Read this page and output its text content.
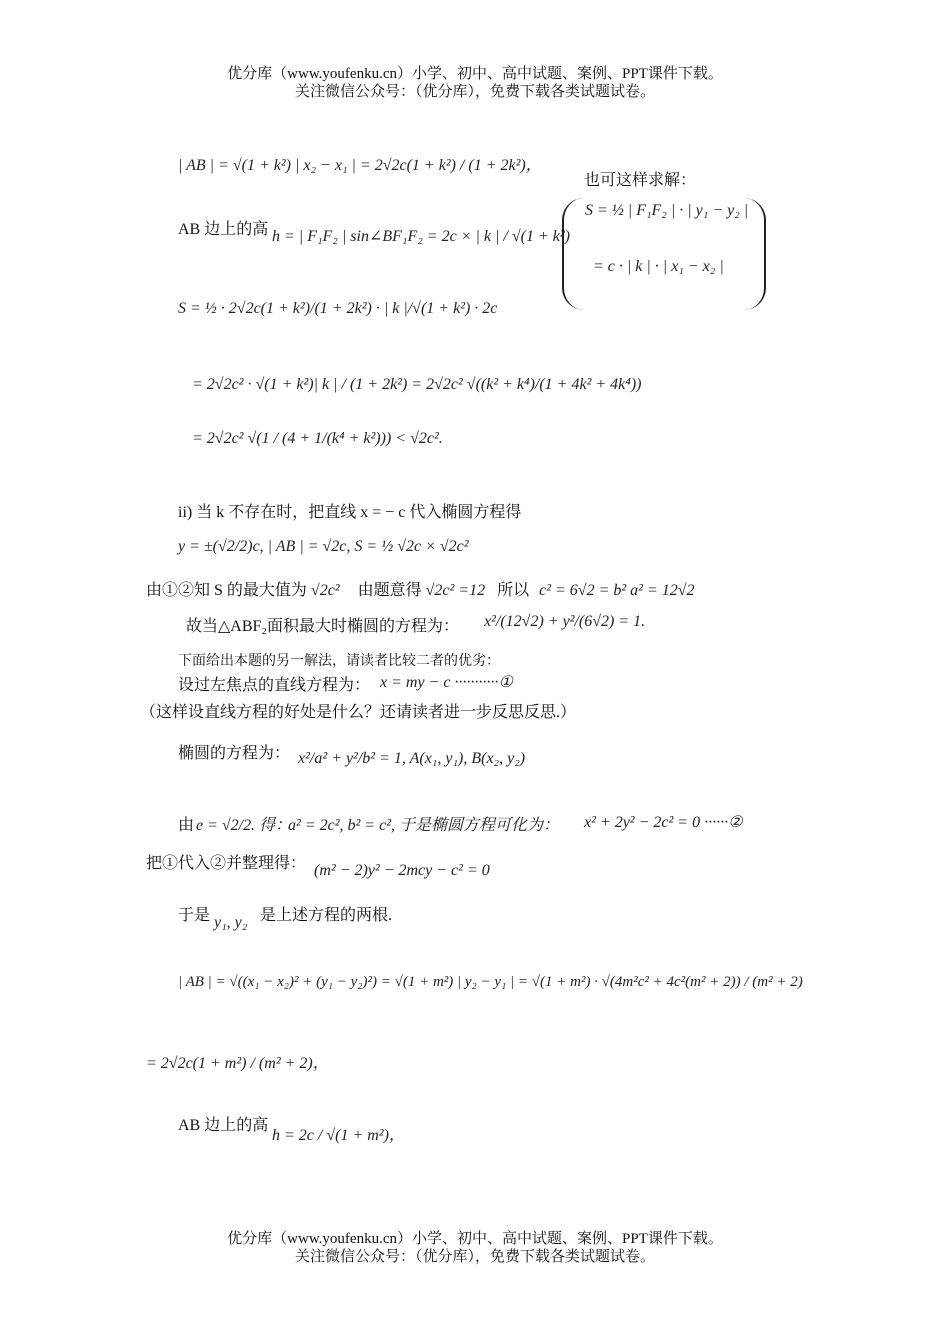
优分库（www.youfenku.cn）小学、初中、高中试题、案例、PPT课件下载。
关注微信公众号：（优分库），免费下载各类试题试卷。
| AB | = √(1 + k²) | x₂ − x₁ | = 2√2c(1 + k²) / (1 + 2k²)，
也可这样求解：
S = ½ | F₁F₂ | · | y₁ − y₂ |
= c · | k | · | x₁ − x₂ |
AB 边上的高 h = | F₁F₂ | sin∠BF₁F₂ = 2c × | k | / √(1 + k²)
S = ½ · 2√2c(1 + k²)/(1 + 2k²) · | k |/√(1 + k²) · 2c
= 2√2c² · √(1 + k²)| k | / (1 + 2k²) = 2√2c² √((k² + k⁴)/(1 + 4k² + 4k⁴))
= 2√2c² √(1 / (4 + 1/(k⁴ + k²))) < √2c².
ii) 当 k 不存在时，把直线 x = − c 代入椭圆方程得
y = ±(√2/2)c, | AB | = √2c, S = ½ √2c × √2c²
由①②知 S 的最大值为 √2c² 由题意得 √2c² =12 所以 c² = 6√2 = b² a² = 12√2
故当△ABF₂面积最大时椭圆的方程为： x²/(12√2) + y²/(6√2) = 1.
下面给出本题的另一解法，请读者比较二者的优劣：
设过左焦点的直线方程为： x = my − c ···········①
（这样设直线方程的好处是什么？还请读者进一步反思反思.）
椭圆的方程为： x²/a² + y²/b² = 1, A(x₁, y₁), B(x₂, y₂)
由 e = √2/2. 得：
a² = 2c², b² = c², 于是椭圆方程可化为： x² + 2y² − 2c² = 0 ······②
把①代入②并整理得： (m² − 2)y² − 2mcy − c² = 0
于是 y₁, y₂ 是上述方程的两根.
| AB | = √((x₁ − x₂)² + (y₁ − y₂)²) = √(1 + m²) | y₂ − y₁ | = √(1 + m²) · √(4m²c² + 4c²(m² + 2)) / (m² + 2)
= 2√2c(1 + m²) / (m² + 2)，
AB 边上的高
h = 2c / √(1 + m²)，
优分库（www.youfenku.cn）小学、初中、高中试题、案例、PPT课件下载。
关注微信公众号：（优分库），免费下载各类试题试卷。
